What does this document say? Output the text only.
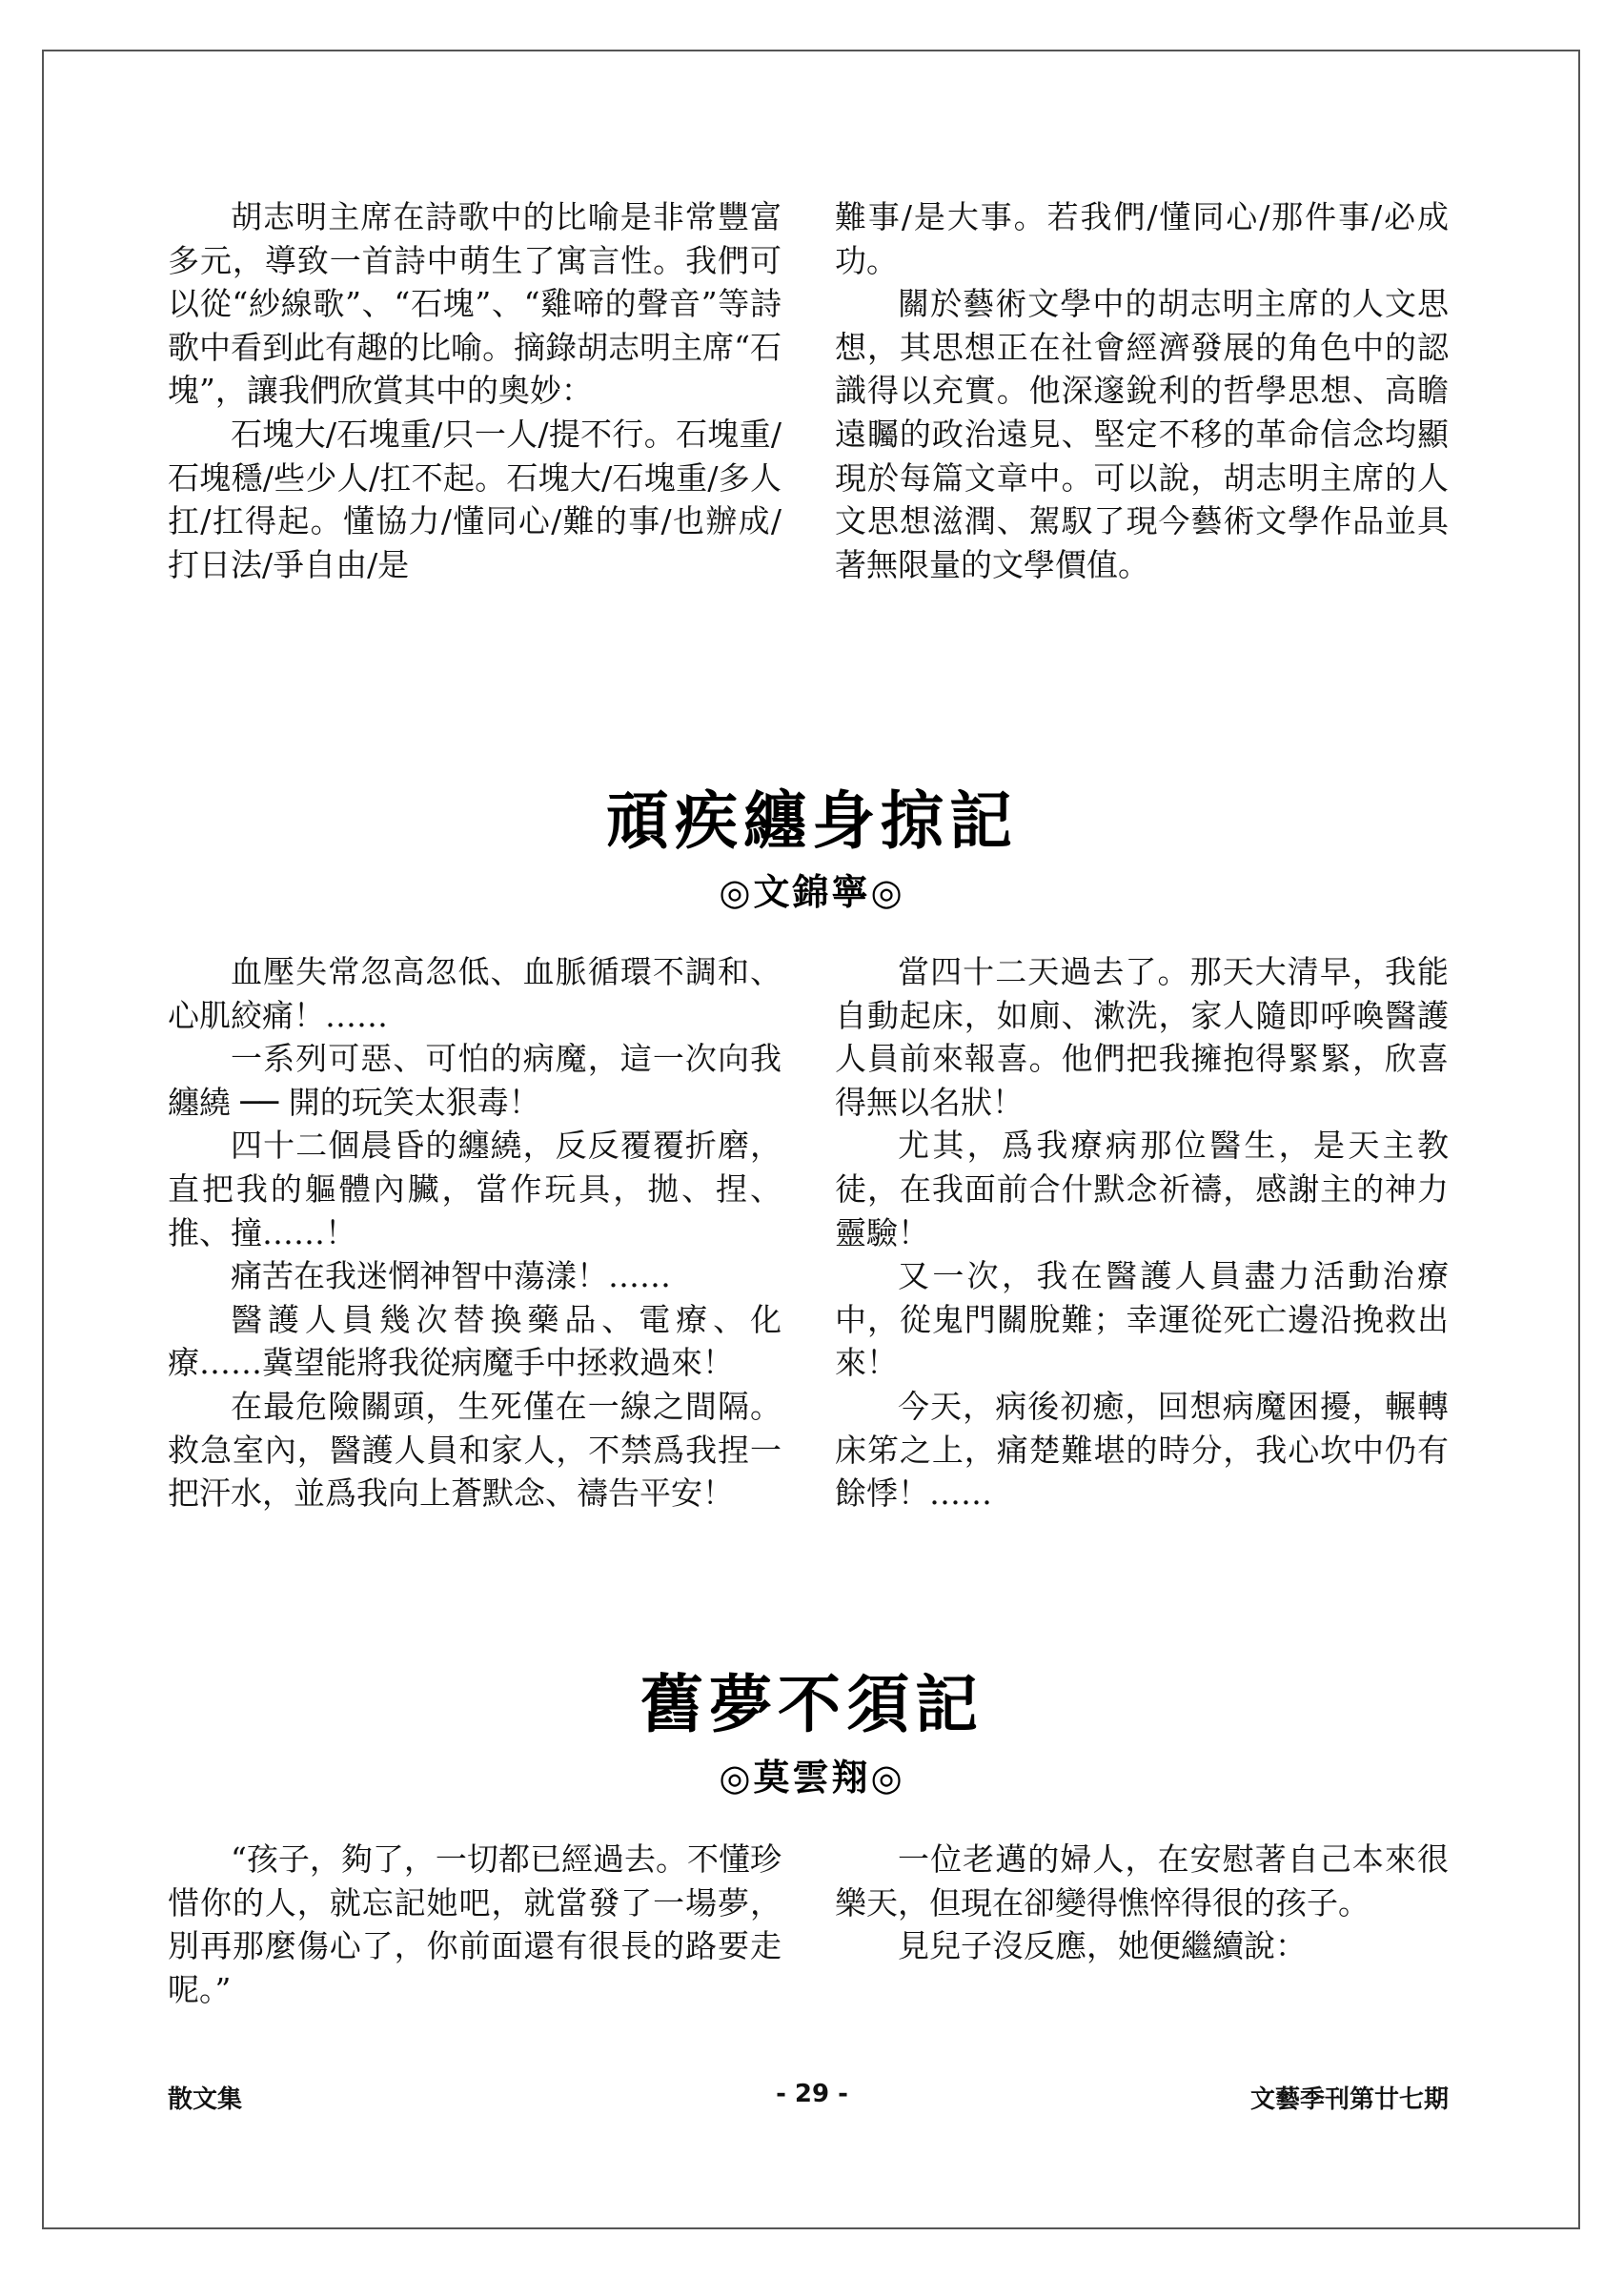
胡志明主席在詩歌中的比喻是非常豐富多元，導致一首詩中萌生了寓言性。我們可以從“紗線歌”、“石塊”、“雞啼的聲音”等詩歌中看到此有趣的比喻。摘錄胡志明主席“石塊”，讓我們欣賞其中的奧妙：

石塊大/石塊重/只一人/提不行。石塊重/石塊穩/些少人/扛不起。石塊大/石塊重/多人扛/扛得起。懂協力/懂同心/難的事/也辦成/打日法/爭自由/是

難事/是大事。若我們/懂同心/那件事/必成功。

關於藝術文學中的胡志明主席的人文思想，其思想正在社會經濟發展的角色中的認識得以充實。他深邃銳利的哲學思想、高瞻遠矚的政治遠見、堅定不移的革命信念均顯現於每篇文章中。可以說，胡志明主席的人文思想滋潤、駕馭了現今藝術文學作品並具著無限量的文學價值。

頑疾纏身掠記
◎文錦寧◎

血壓失常忽高忽低、血脈循環不調和、心肌絞痛！……

一系列可惡、可怕的病魔，這一次向我纏繞 ── 開的玩笑太狠毒！

四十二個晨昏的纏繞，反反覆覆折磨，直把我的軀體內臟，當作玩具，拋、捏、推、撞……！

痛苦在我迷惘神智中蕩漾！……

醫護人員幾次替換藥品、電療、化療……冀望能將我從病魔手中拯救過來！

在最危險關頭，生死僅在一線之間隔。救急室內，醫護人員和家人，不禁爲我捏一把汗水，並爲我向上蒼默念、禱告平安！

當四十二天過去了。那天大清早，我能自動起床，如廁、漱洗，家人隨即呼喚醫護人員前來報喜。他們把我擁抱得緊緊，欣喜得無以名狀！

尤其，爲我療病那位醫生，是天主教徒，在我面前合什默念祈禱，感謝主的神力靈驗！

又一次，我在醫護人員盡力活動治療中，從鬼門關脫難；幸運從死亡邊沿挽救出來！

今天，病後初癒，回想病魔困擾，輾轉床笫之上，痛楚難堪的時分，我心坎中仍有餘悸！……

舊夢不須記
◎莫雲翔◎

“孩子，夠了，一切都已經過去。不懂珍惜你的人，就忘記她吧，就當發了一場夢，別再那麼傷心了，你前面還有很長的路要走呢。”

一位老邁的婦人，在安慰著自己本來很樂天，但現在卻變得憔悴得很的孩子。

見兒子沒反應，她便繼續說：

散文集	- 29 -	文藝季刊第廿七期
